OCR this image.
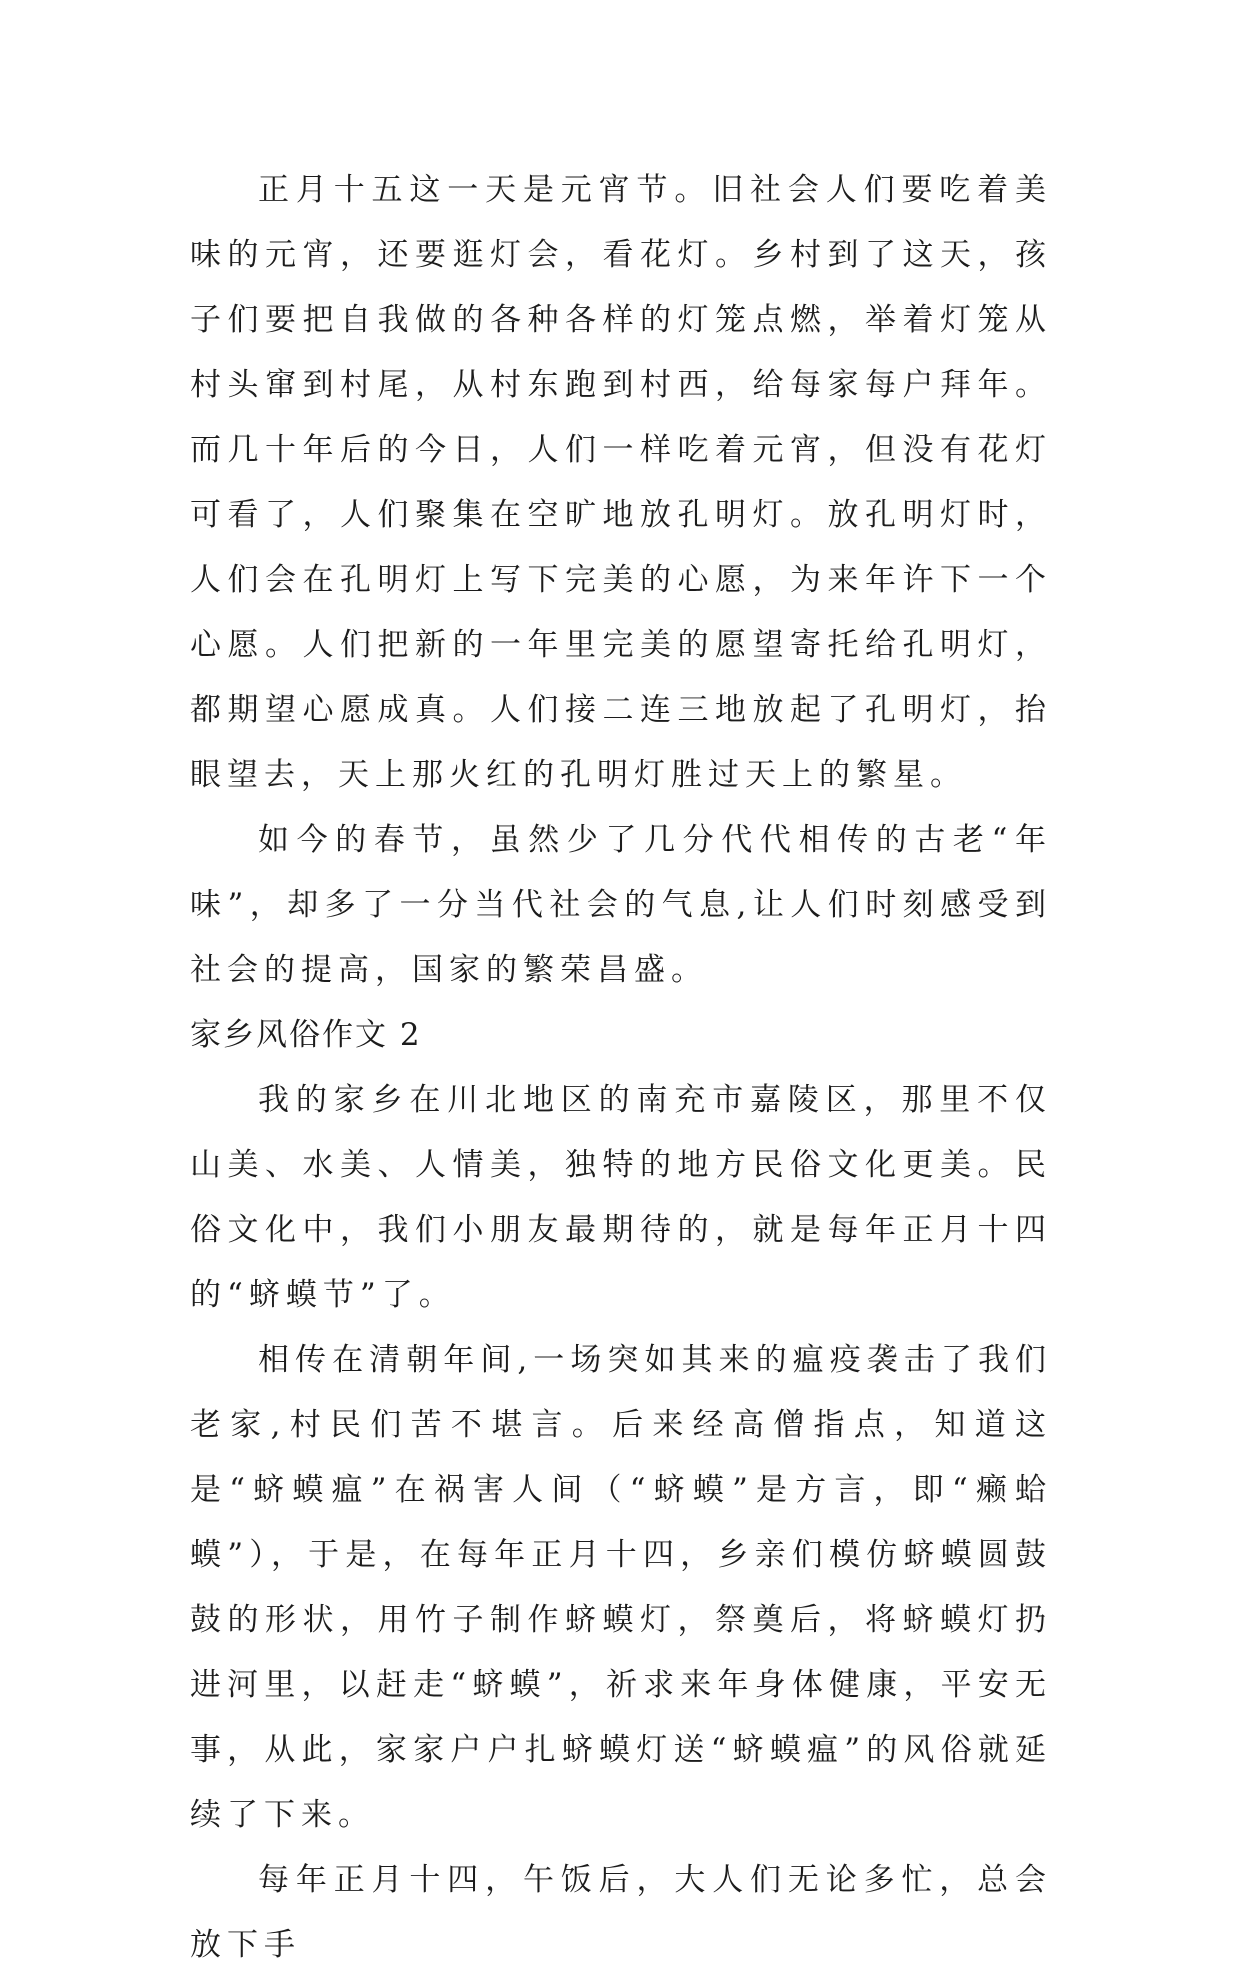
正月十五这一天是元宵节。旧社会人们要吃着美味的元宵，还要逛灯会，看花灯。乡村到了这天，孩子们要把自我做的各种各样的灯笼点燃，举着灯笼从村头窜到村尾，从村东跑到村西，给每家每户拜年。而几十年后的今日，人们一样吃着元宵，但没有花灯可看了，人们聚集在空旷地放孔明灯。放孔明灯时，人们会在孔明灯上写下完美的心愿，为来年许下一个心愿。人们把新的一年里完美的愿望寄托给孔明灯，都期望心愿成真。人们接二连三地放起了孔明灯，抬眼望去，天上那火红的孔明灯胜过天上的繁星。

如今的春节，虽然少了几分代代相传的古老“年味”，却多了一分当代社会的气息,让人们时刻感受到社会的提高，国家的繁荣昌盛。

家乡风俗作文 2

我的家乡在川北地区的南充市嘉陵区，那里不仅山美、水美、人情美，独特的地方民俗文化更美。民俗文化中，我们小朋友最期待的，就是每年正月十四的“蛴蟆节”了。

相传在清朝年间,一场突如其来的瘟疫袭击了我们老家,村民们苦不堪言。后来经高僧指点，知道这是“蛴蟆瘟”在祸害人间（“蛴蟆”是方言，即“癞蛤蟆”），于是，在每年正月十四，乡亲们模仿蛴蟆圆鼓鼓的形状，用竹子制作蛴蟆灯，祭奠后，将蛴蟆灯扔进河里，以赶走“蛴蟆”，祈求来年身体健康，平安无事，从此，家家户户扎蛴蟆灯送“蛴蟆瘟”的风俗就延续了下来。

每年正月十四，午饭后，大人们无论多忙，总会放下手
